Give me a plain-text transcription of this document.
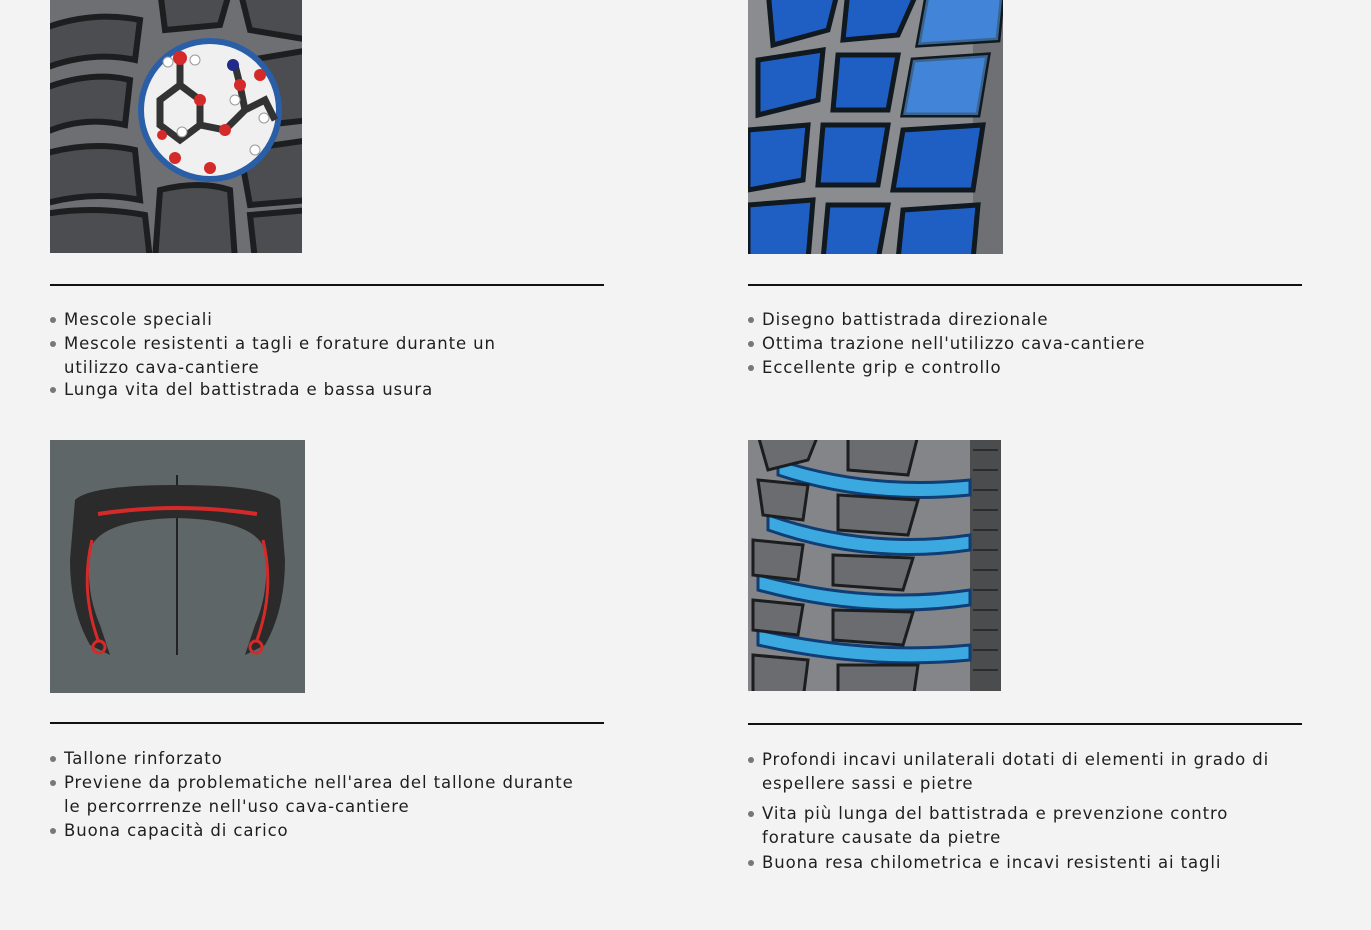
Mescole speciali
Mescole resistenti a tagli e forature durante un utilizzo cava-cantiere
Lunga vita del battistrada e bassa usura
Disegno battistrada direzionale
Ottima trazione nell'utilizzo cava-cantiere
Eccellente grip e controllo
Tallone rinforzato
Previene da problematiche nell'area del tallone durante le percorrrenze nell'uso cava-cantiere
Buona capacità di carico
Profondi incavi unilaterali dotati di elementi in grado di espellere sassi e pietre
Vita più lunga del battistrada e prevenzione contro forature causate da pietre
Buona resa chilometrica e incavi resistenti ai tagli
